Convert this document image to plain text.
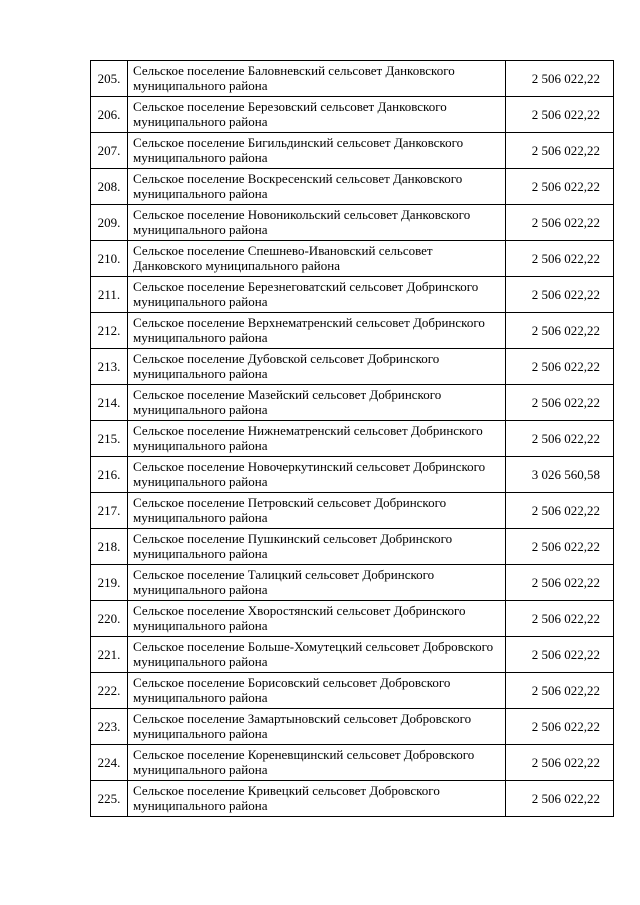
205.	Сельское поселение Баловневский сельсовет Данковского муниципального района	2 506 022,22
206.	Сельское поселение Березовский сельсовет Данковского муниципального района	2 506 022,22
207.	Сельское поселение Бигильдинский сельсовет Данковского муниципального района	2 506 022,22
208.	Сельское поселение Воскресенский сельсовет Данковского муниципального района	2 506 022,22
209.	Сельское поселение Новоникольский сельсовет Данковского муниципального района	2 506 022,22
210.	Сельское поселение Спешнево-Ивановский сельсовет Данковского муниципального района	2 506 022,22
211.	Сельское поселение Березнеговатский сельсовет Добринского муниципального района	2 506 022,22
212.	Сельское поселение Верхнематренский сельсовет Добринского муниципального района	2 506 022,22
213.	Сельское поселение Дубовской сельсовет Добринского муниципального района	2 506 022,22
214.	Сельское поселение Мазейский сельсовет Добринского муниципального района	2 506 022,22
215.	Сельское поселение Нижнематренский сельсовет Добринского муниципального района	2 506 022,22
216.	Сельское поселение Новочеркутинский сельсовет Добринского муниципального района	3 026 560,58
217.	Сельское поселение Петровский сельсовет Добринского муниципального района	2 506 022,22
218.	Сельское поселение Пушкинский сельсовет Добринского муниципального района	2 506 022,22
219.	Сельское поселение Талицкий сельсовет Добринского муниципального района	2 506 022,22
220.	Сельское поселение Хворостянский сельсовет Добринского муниципального района	2 506 022,22
221.	Сельское поселение Больше-Хомутецкий сельсовет Добровского муниципального района	2 506 022,22
222.	Сельское поселение Борисовский сельсовет Добровского муниципального района	2 506 022,22
223.	Сельское поселение Замартыновский сельсовет Добровского муниципального района	2 506 022,22
224.	Сельское поселение Кореневщинский сельсовет Добровского муниципального района	2 506 022,22
225.	Сельское поселение Кривецкий сельсовет Добровского муниципального района	2 506 022,22
